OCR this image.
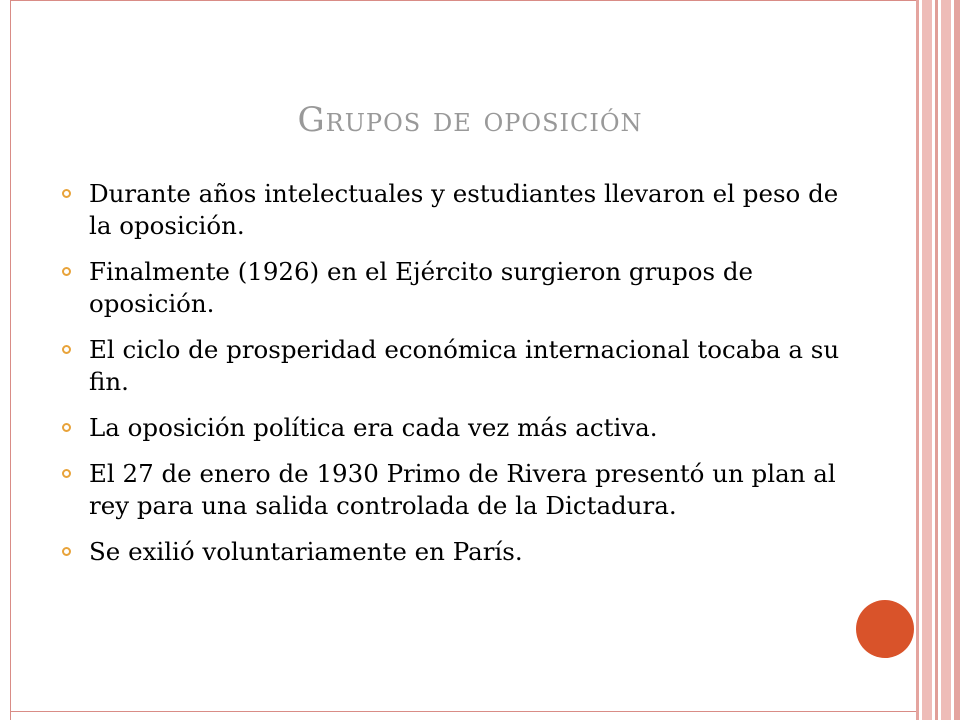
Grupos de oposición
Durante años intelectuales y estudiantes llevaron el peso de la oposición.
Finalmente (1926) en el Ejército surgieron grupos de oposición.
El ciclo de prosperidad económica internacional tocaba a su fin.
La oposición política era cada vez más activa.
El 27 de enero de 1930 Primo de Rivera presentó un plan al rey para una salida controlada de la Dictadura.
Se exilió voluntariamente en París.
